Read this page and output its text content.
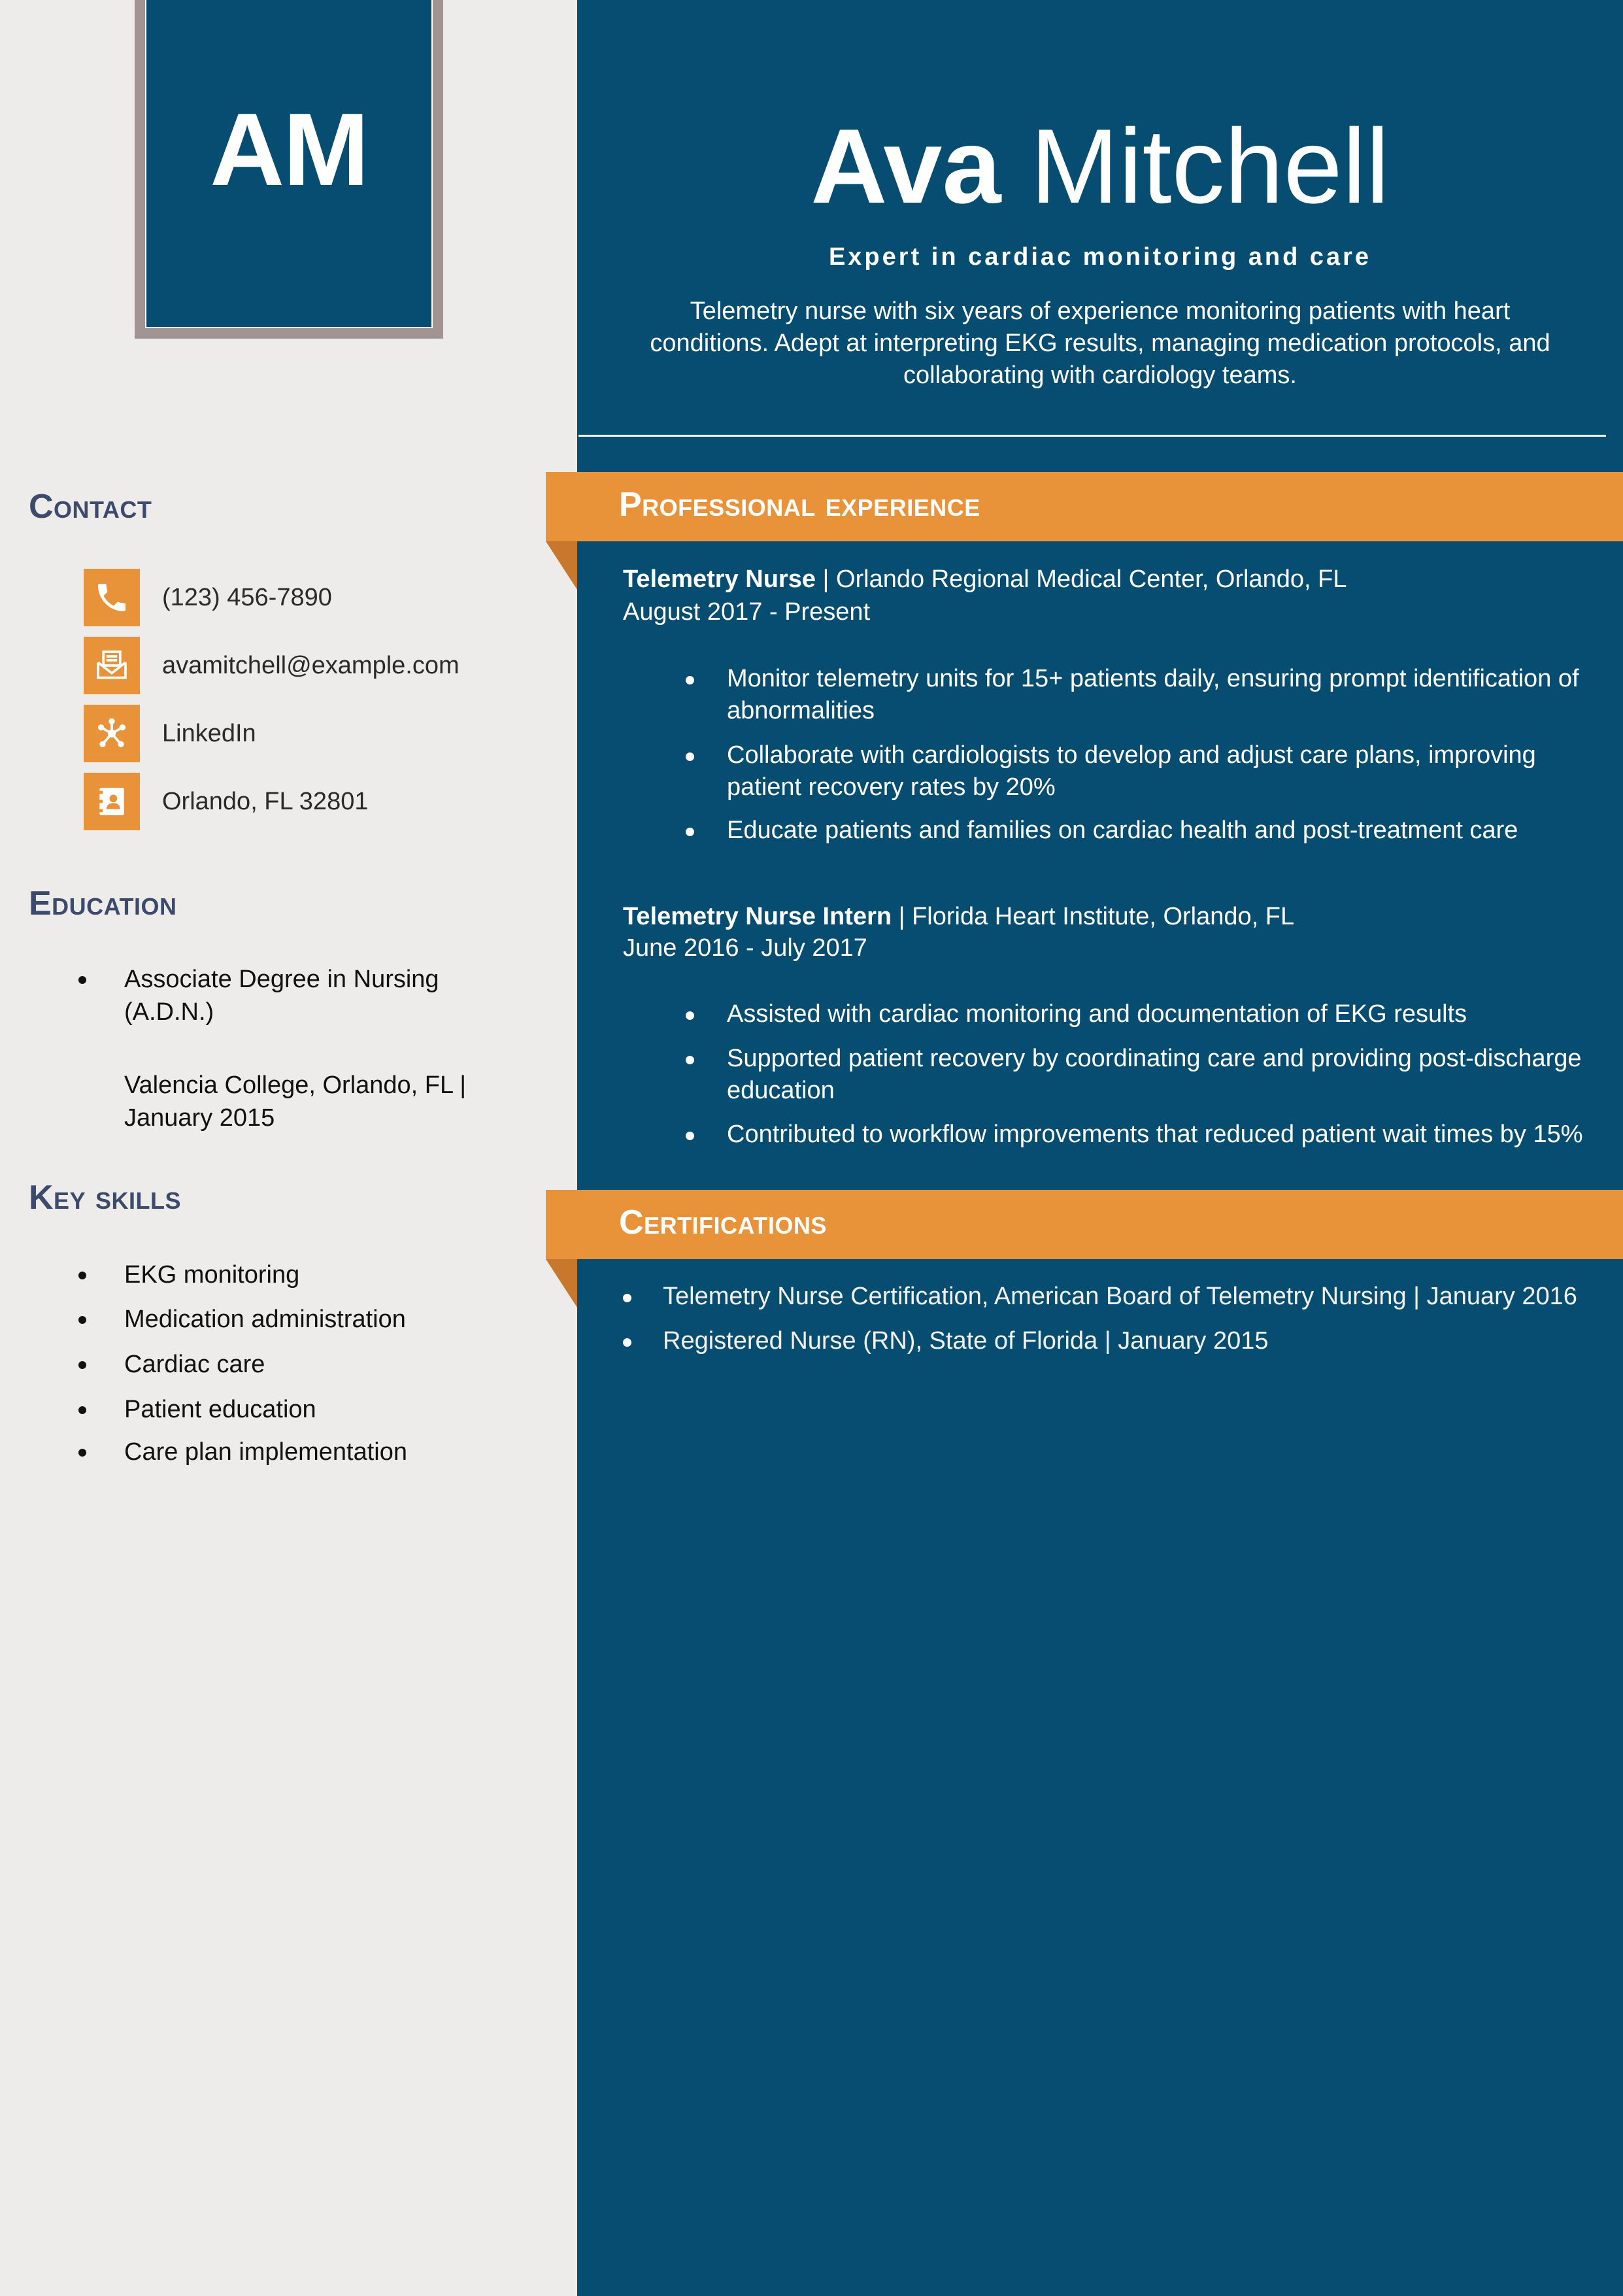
AM	Ava Mitchell
Expert in cardiac monitoring and care
Telemetry nurse with six years of experience monitoring patients with heart conditions. Adept at interpreting EKG results, managing medication protocols, and collaborating with cardiology teams.
Contact
(123) 456-7890
avamitchell@example.com
LinkedIn
Orlando, FL 32801
Education
Associate Degree in Nursing
(A.D.N.)
Valencia College, Orlando, FL |
January 2015
Key skills
EKG monitoring
Medication administration
Cardiac care
Patient education
Care plan implementation
Professional experience
Telemetry Nurse | Orlando Regional Medical Center, Orlando, FL
August 2017 - Present
Monitor telemetry units for 15+ patients daily, ensuring prompt identification of
abnormalities
Collaborate with cardiologists to develop and adjust care plans, improving
patient recovery rates by 20%
Educate patients and families on cardiac health and post-treatment care
Telemetry Nurse Intern | Florida Heart Institute, Orlando, FL
June 2016 - July 2017
Assisted with cardiac monitoring and documentation of EKG results
Supported patient recovery by coordinating care and providing post-discharge
education
Contributed to workflow improvements that reduced patient wait times by 15%
Certifications
Telemetry Nurse Certification, American Board of Telemetry Nursing | January 2016
Registered Nurse (RN), State of Florida | January 2015
